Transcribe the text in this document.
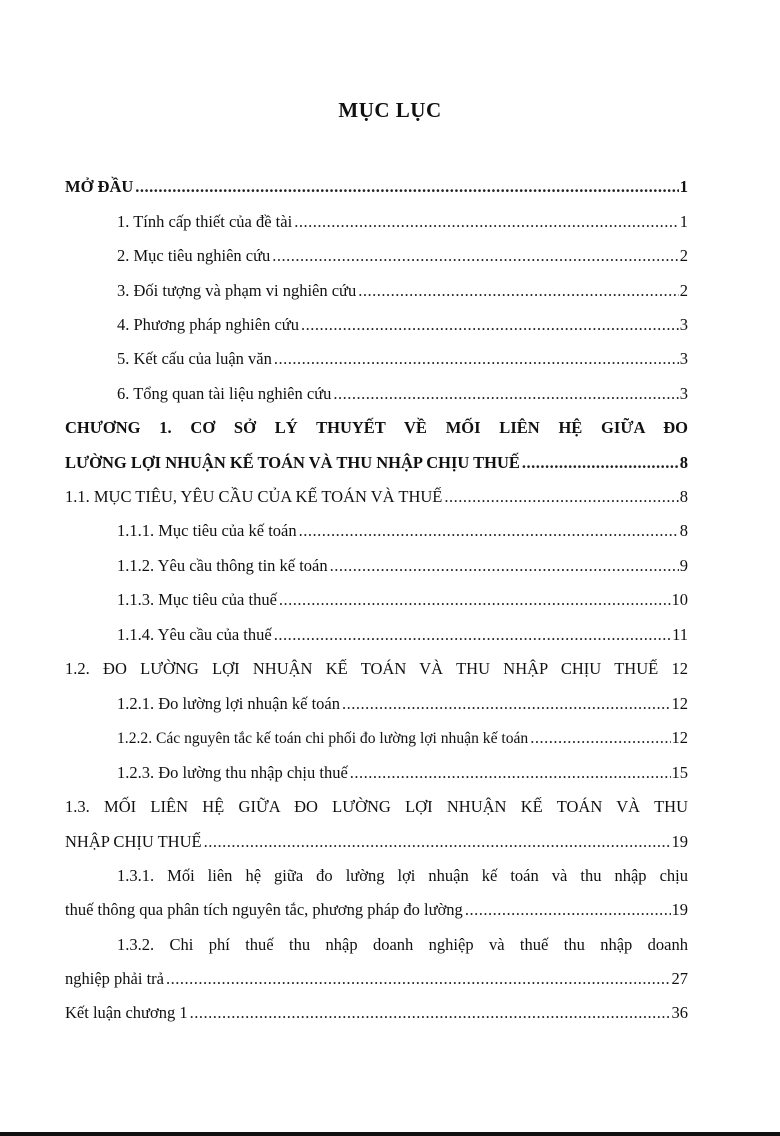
MỤC LỤC
MỞ ĐẦU .....	1
1. Tính cấp thiết của đề tài .....	1
2. Mục tiêu nghiên cứu .....	2
3. Đối tượng và phạm vi nghiên cứu .....	2
4. Phương pháp nghiên cứu .....	3
5. Kết cấu của luận văn .....	3
6. Tổng quan tài liệu nghiên cứu .....	3
CHƯƠNG 1. CƠ SỞ LÝ THUYẾT VỀ MỐI LIÊN HỆ GIỮA ĐO
LƯỜNG LỢI NHUẬN KẾ TOÁN VÀ THU NHẬP CHỊU THUẾ .....	8
1.1. MỤC TIÊU, YÊU CẦU CỦA KẾ TOÁN VÀ THUẾ .....	8
1.1.1. Mục tiêu của kế toán .....	8
1.1.2. Yêu cầu thông tin kế toán .....	9
1.1.3. Mục tiêu của thuế .....	10
1.1.4. Yêu cầu của thuế .....	11
1.2. ĐO LƯỜNG LỢI NHUẬN KẾ TOÁN VÀ THU NHẬP CHỊU THUẾ 12
1.2.1. Đo lường lợi nhuận kế toán .....	12
1.2.2. Các nguyên tắc kế toán chi phối đo lường lợi nhuận kế toán .....	12
1.2.3. Đo lường thu nhập chịu thuế .....	15
1.3. MỐI LIÊN HỆ GIỮA ĐO LƯỜNG LỢI NHUẬN KẾ TOÁN VÀ THU
NHẬP CHỊU THUẾ .....	19
1.3.1. Mối liên hệ giữa đo lường lợi nhuận kế toán và thu nhập chịu
thuế thông qua phân tích nguyên tắc, phương pháp đo lường .....	19
1.3.2. Chi phí thuế thu nhập doanh nghiệp và thuế thu nhập doanh
nghiệp phải trả .....	27
Kết luận chương 1 .....	36
